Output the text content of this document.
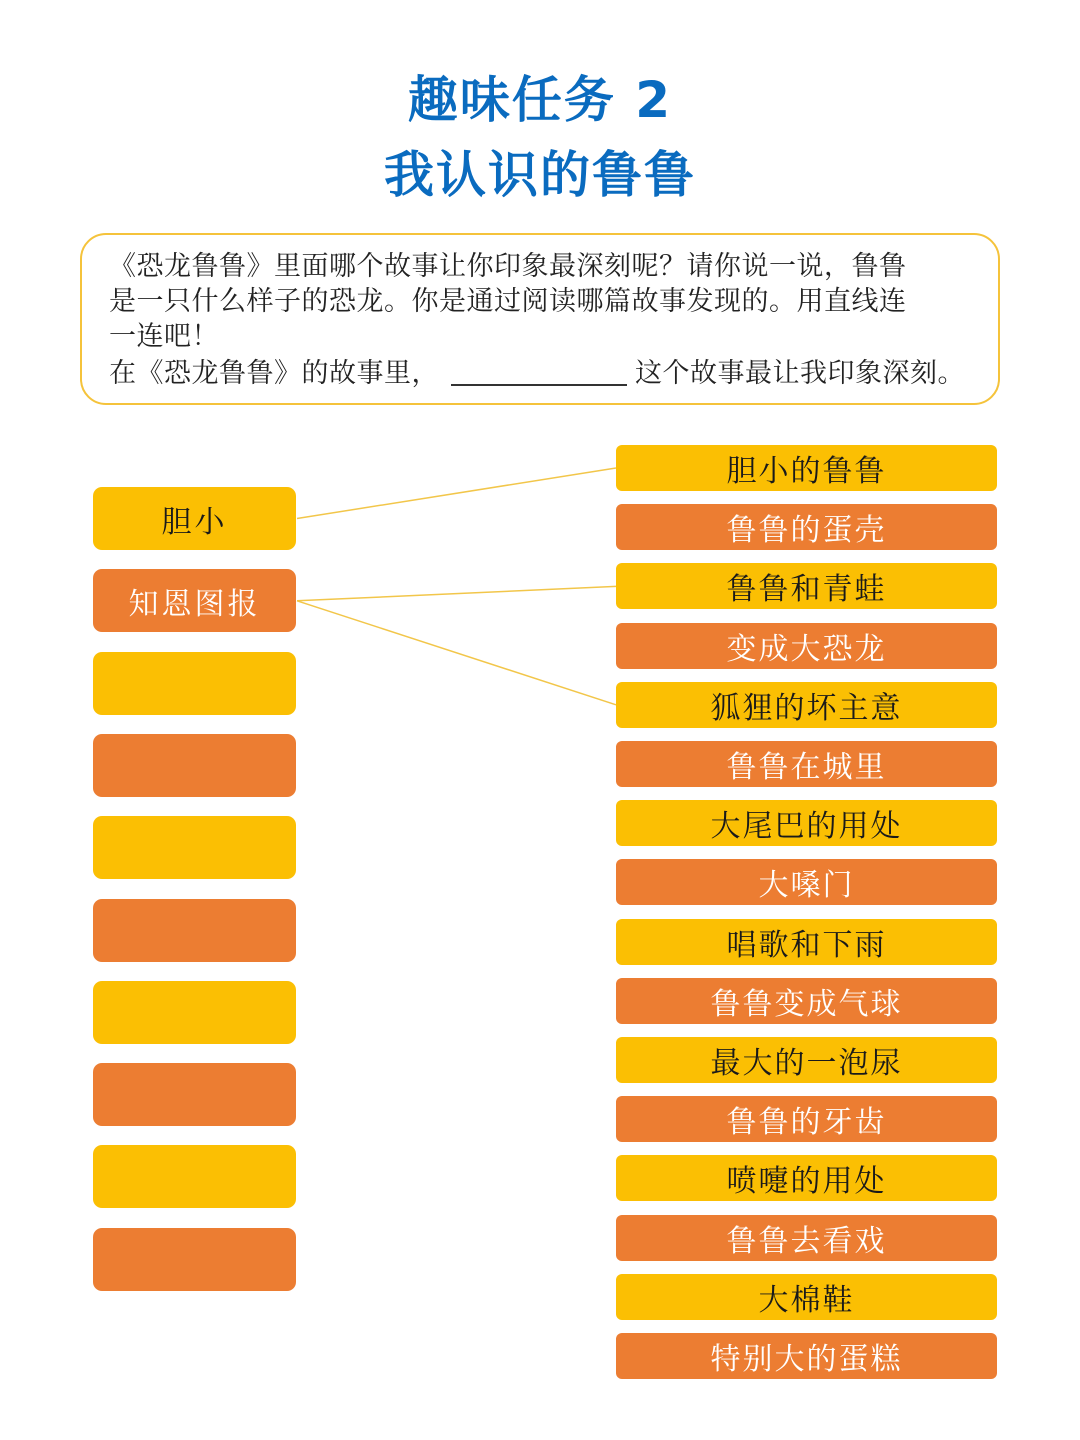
趣味任务 2
我认识的鲁鲁

《恐龙鲁鲁》里面哪个故事让你印象最深刻呢？请你说一说，鲁鲁

是一只什么样子的恐龙。你是通过阅读哪篇故事发现的。用直线连

一连吧！

在《恐龙鲁鲁》的故事里，	这个故事最让我印象深刻。

胆小
知恩图报
胆小的鲁鲁
鲁鲁的蛋壳
鲁鲁和青蛙
变成大恐龙
狐狸的坏主意
鲁鲁在城里
大尾巴的用处
大嗓门
唱歌和下雨
鲁鲁变成气球
最大的一泡尿
鲁鲁的牙齿
喷嚏的用处
鲁鲁去看戏
大棉鞋
特别大的蛋糕
